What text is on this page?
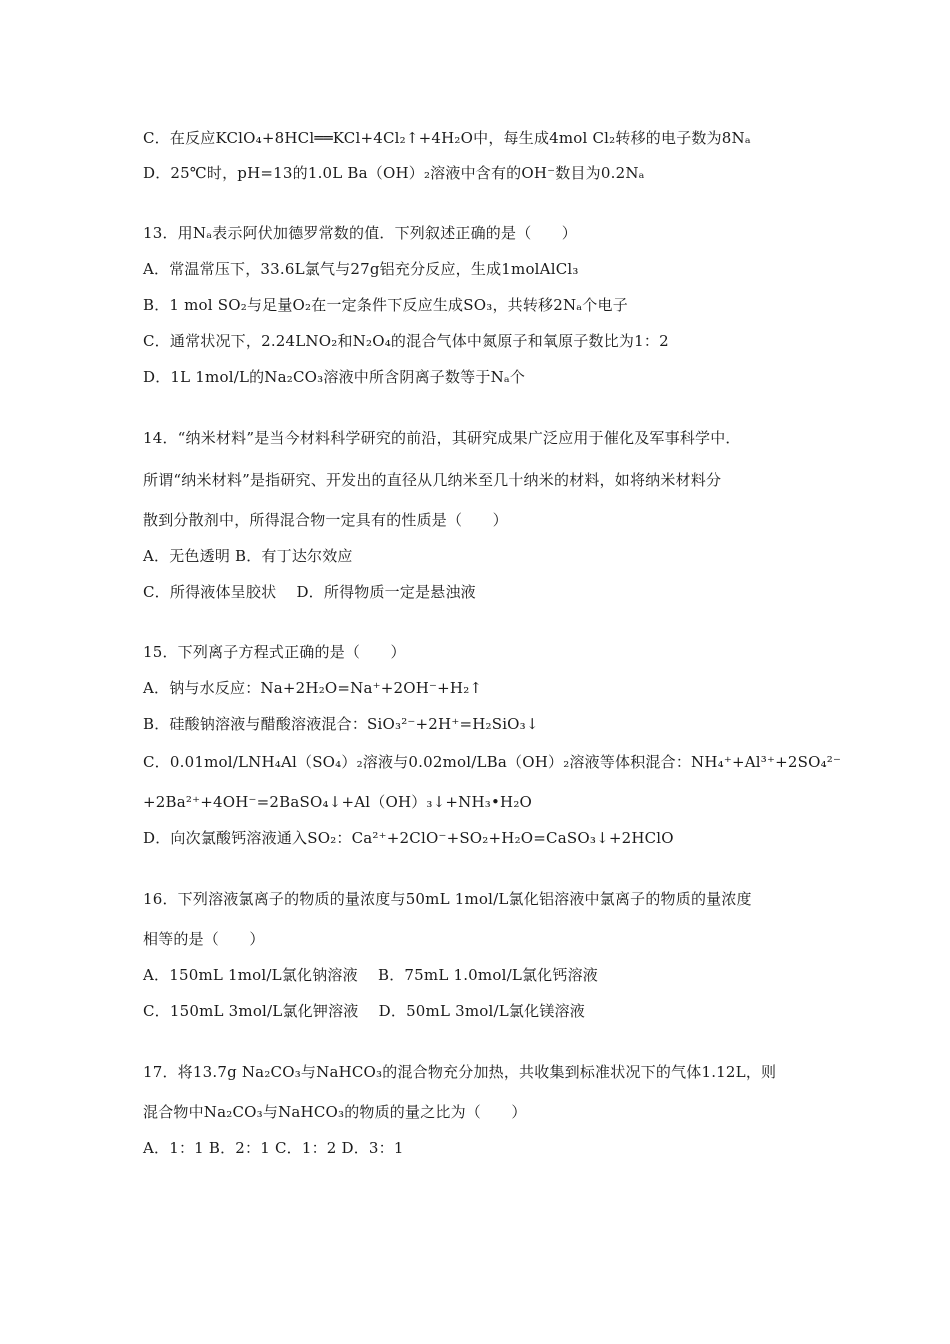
C．在反应KClO₄+8HCl══KCl+4Cl₂↑+4H₂O中，每生成4mol Cl₂转移的电子数为8Nₐ
D．25℃时，pH=13的1.0L Ba（OH）₂溶液中含有的OH⁻数目为0.2Nₐ
13．用Nₐ表示阿伏加德罗常数的值．下列叙述正确的是（　　）
A．常温常压下，33.6L氯气与27g铝充分反应，生成1molAlCl₃
B．1 mol SO₂与足量O₂在一定条件下反应生成SO₃，共转移2Nₐ个电子
C．通常状况下，2.24LNO₂和N₂O₄的混合气体中氮原子和氧原子数比为1：2
D．1L 1mol/L的Na₂CO₃溶液中所含阴离子数等于Nₐ个
14．“纳米材料”是当今材料科学研究的前沿，其研究成果广泛应用于催化及军事科学中．
所谓“纳米材料”是指研究、开发出的直径从几纳米至几十纳米的材料，如将纳米材料分
散到分散剂中，所得混合物一定具有的性质是（　　）
A．无色透明 B．有丁达尔效应
C．所得液体呈胶状　 D．所得物质一定是悬浊液
15．下列离子方程式正确的是（　　）
A．钠与水反应：Na+2H₂O=Na⁺+2OH⁻+H₂↑
B．硅酸钠溶液与醋酸溶液混合：SiO₃²⁻+2H⁺=H₂SiO₃↓
C．0.01mol/LNH₄Al（SO₄）₂溶液与0.02mol/LBa（OH）₂溶液等体积混合：NH₄⁺+Al³⁺+2SO₄²⁻
+2Ba²⁺+4OH⁻=2BaSO₄↓+Al（OH）₃↓+NH₃•H₂O
D．向次氯酸钙溶液通入SO₂：Ca²⁺+2ClO⁻+SO₂+H₂O=CaSO₃↓+2HClO
16．下列溶液氯离子的物质的量浓度与50mL 1mol/L氯化铝溶液中氯离子的物质的量浓度
相等的是（　　）
A．150mL 1mol/L氯化钠溶液　 B．75mL 1.0mol/L氯化钙溶液
C．150mL 3mol/L氯化钾溶液　 D．50mL 3mol/L氯化镁溶液
17．将13.7g Na₂CO₃与NaHCO₃的混合物充分加热，共收集到标准状况下的气体1.12L，则
混合物中Na₂CO₃与NaHCO₃的物质的量之比为（　　）
A．1：1 B．2：1 C．1：2 D．3：1
